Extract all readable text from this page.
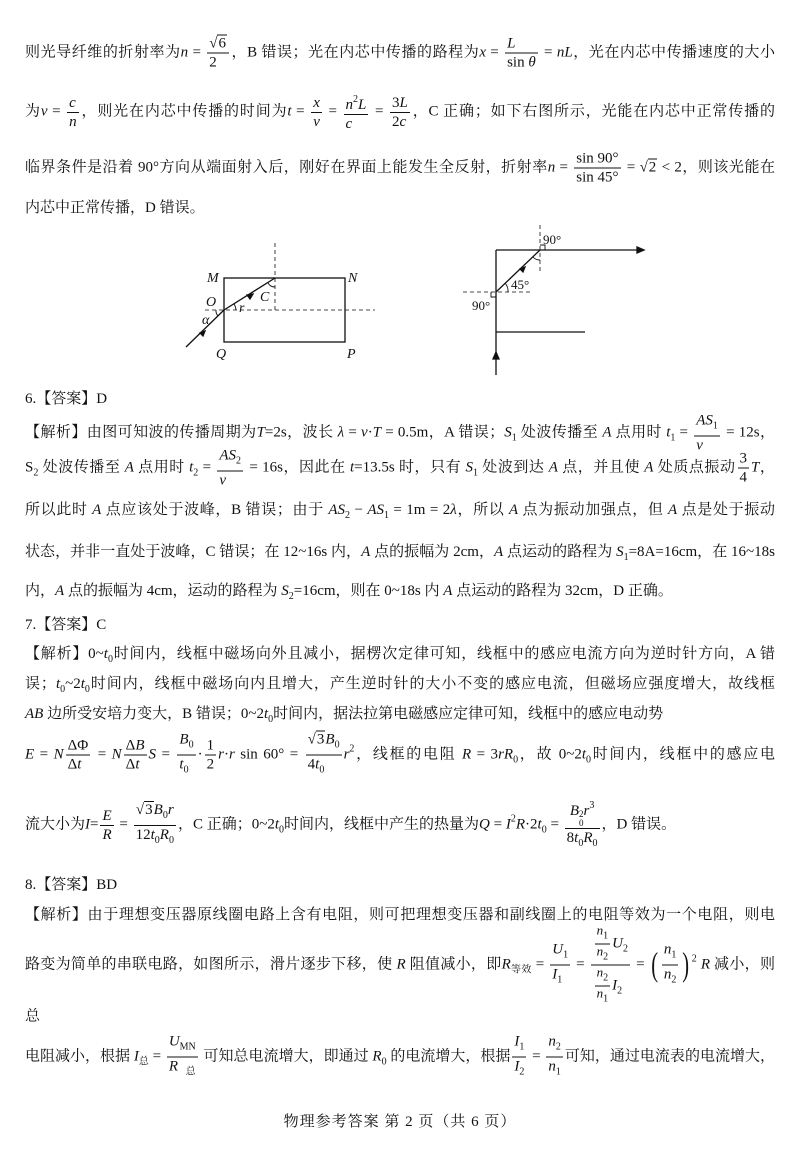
则光导纤维的折射率为$n = \frac{√6}{2}$ ，B 错误；光在内芯中传播的路程为$x = \frac{L}{\text{sin θ}}$ = nL，光在内芯中传播速度的大小
为$v = \frac{c}{n}$ ，则光在内芯中传播的时间为$t = \frac{x}{v} = \frac{n^2L}{c} = \frac{3L}{2c}$ ，C 正确；如下右图所示，光能在内芯中正常传播的
临界条件是沿着 90°方向从端面射入后，刚好在界面上能发生全反射，折射率$n = \frac{\sin 90^\circ}{\sin 45^\circ} = √2 < 2$，则该光能在
内芯中正常传播，D 错误。
6.【答案】D
【解析】由图可知波的传播周期为T=2s，波长 λ = v·T = 0.5m，A 错误；$S_1$ 处波传播至 A 点用时 $t_1 = \frac{AS_1}{v} = 12s$，
$S_2$ 处波传播至 A 点用时 $t_2 = \frac{AS_2}{v} = 16s$，因此在 t=13.5s 时，只有 $S_1$ 处波到达 A 点，并且使 A 处质点振动 $\frac{3}{4}$ T，
所以此时 A 点应该处于波峰，B 错误；由于 $AS_2 - AS_1 = 1m = 2\lambda$，所以 A 点为振动加强点，但 A 点是处于振动
状态，并非一直处于波峰，C 错误；在 12~16s 内，A 点的振幅为 2cm，A 点运动的路程为 $S_1=8A=16cm$，在 16~18s
内，A 点的振幅为 4cm，运动的路程为 $S_2=16cm$，则在 0~18s 内 A 点运动的路程为 32cm，D 正确。
7.【答案】C
【解析】$0\sim t_0$时间内，线框中磁场向外且减小，据楞次定律可知，线框中的感应电流方向为逆时针方向，A 错
误；$t_0\sim 2t_0$时间内，线框中磁场向内且增大，产生逆时针的大小不变的感应电流，但磁场应强度增大，故线框
AB 边所受安培力变大，B 错误；$0\sim 2t_0$时间内，据法拉第电磁感应定律可知，线框中的感应电动势
E = N $\frac{\Delta\Phi}{\Delta t} = N \frac{\Delta B}{\Delta t}$ $S = \frac{B_0}{t_0} \cdot \frac{1}{2} r\cdot r$ $\sin 60^\circ = \frac{√3B_0}{4t_0} r^2$，线框的电阻 $R = 3rR_0$，故 $0\sim 2t_0$时间内，线框中的感应电
流大小为$I= \frac{E}{R} = \frac{√3B_0r}{12t_0R_0}$ ，C 正确；$0\sim 2t_0$时间内，线框中产生的热量为$Q = I^2R\cdot 2t_0 = B$ 2
0
$r^3$
$8t_0R_0$ ，D 错误。
8.【答案】BD
【解析】由于理想变压器原线圈电路上含有电阻，则可把理想变压器和副线圈上的电阻等效为一个电阻，则电
路变为简单的串联电路，如图所示，滑片逐步下移，使 R 阻值减小，即$R_{等效} = \frac{U_1}{I_1} = \frac{\frac{n_1}{n_2} U_2}{\frac{n_2}{n_1} I_2}$ = ( $\frac{n_1}{n_2}$ ) $^2$ R 减小，则总
电阻减小，根据 $I_总 = \frac{U_{MN}}{R_总}$ 可知总电流增大，即通过 $R_0$ 的电流增大，根据 $\frac{I_1}{I_2} = \frac{n_2}{n_1}$ 可知，通过电流表的电流增大，
M	N
O
α
r
C
Q	P
90°
45°
90°
物理参考答案 第 2 页（共 6 页）
